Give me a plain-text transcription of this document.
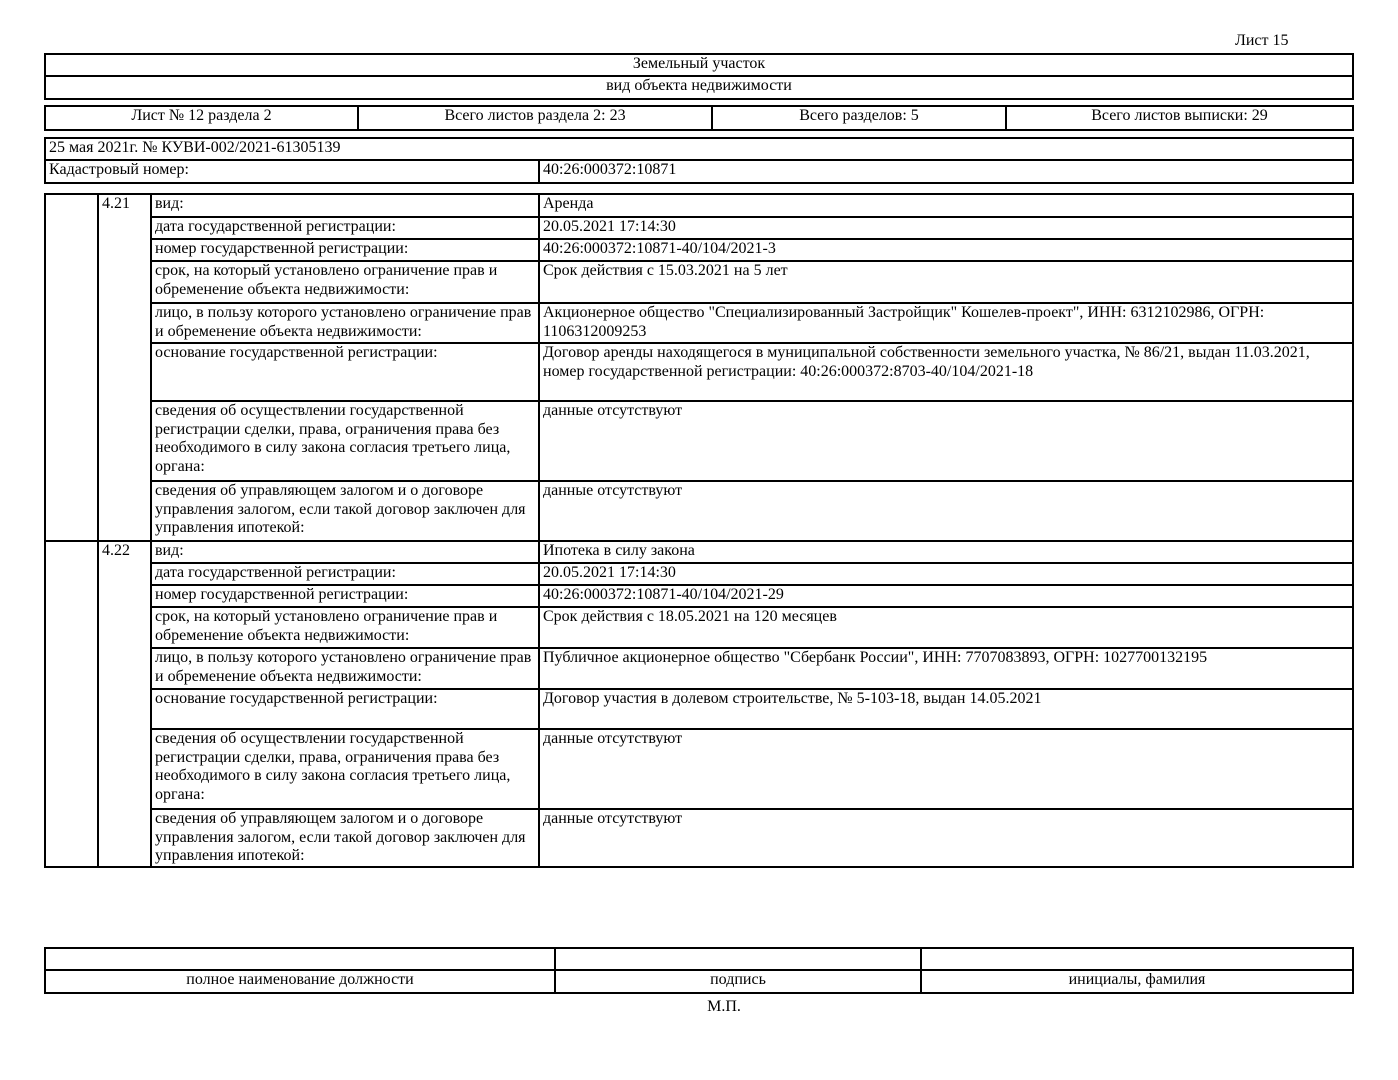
Лист 15
Земельный участок
вид объекта недвижимости
Лист № 12 раздела 2	Всего листов раздела 2: 23	Всего разделов: 5	Всего листов выписки: 29
25 мая 2021г. № КУВИ-002/2021-61305139
Кадастровый номер:	40:26:000372:10871
	4.21	вид:	Аренда
		дата государственной регистрации:	20.05.2021 17:14:30
		номер государственной регистрации:	40:26:000372:10871-40/104/2021-3
		срок, на который установлено ограничение прав и обременение объекта недвижимости:	Срок действия с 15.03.2021 на 5 лет
		лицо, в пользу которого установлено ограничение прав и обременение объекта недвижимости:	Акционерное общество "Специализированный Застройщик" Кошелев-проект", ИНН: 6312102986, ОГРН: 1106312009253
		основание государственной регистрации:	Договор аренды находящегося в муниципальной собственности земельного участка, № 86/21, выдан 11.03.2021, номер государственной регистрации: 40:26:000372:8703-40/104/2021-18
		сведения об осуществлении государственной регистрации сделки, права, ограничения права без необходимого в силу закона согласия третьего лица, органа:	данные отсутствуют
		сведения об управляющем залогом и о договоре управления залогом, если такой договор заключен для управления ипотекой:	данные отсутствуют
	4.22	вид:	Ипотека в силу закона
		дата государственной регистрации:	20.05.2021 17:14:30
		номер государственной регистрации:	40:26:000372:10871-40/104/2021-29
		срок, на который установлено ограничение прав и обременение объекта недвижимости:	Срок действия с 18.05.2021 на 120 месяцев
		лицо, в пользу которого установлено ограничение прав и обременение объекта недвижимости:	Публичное акционерное общество "Сбербанк России", ИНН: 7707083893, ОГРН: 1027700132195
		основание государственной регистрации:	Договор участия в долевом строительстве, № 5-103-18, выдан 14.05.2021
		сведения об осуществлении государственной регистрации сделки, права, ограничения права без необходимого в силу закона согласия третьего лица, органа:	данные отсутствуют
		сведения об управляющем залогом и о договоре управления залогом, если такой договор заключен для управления ипотекой:	данные отсутствуют

полное наименование должности	подпись	инициалы, фамилия
М.П.
